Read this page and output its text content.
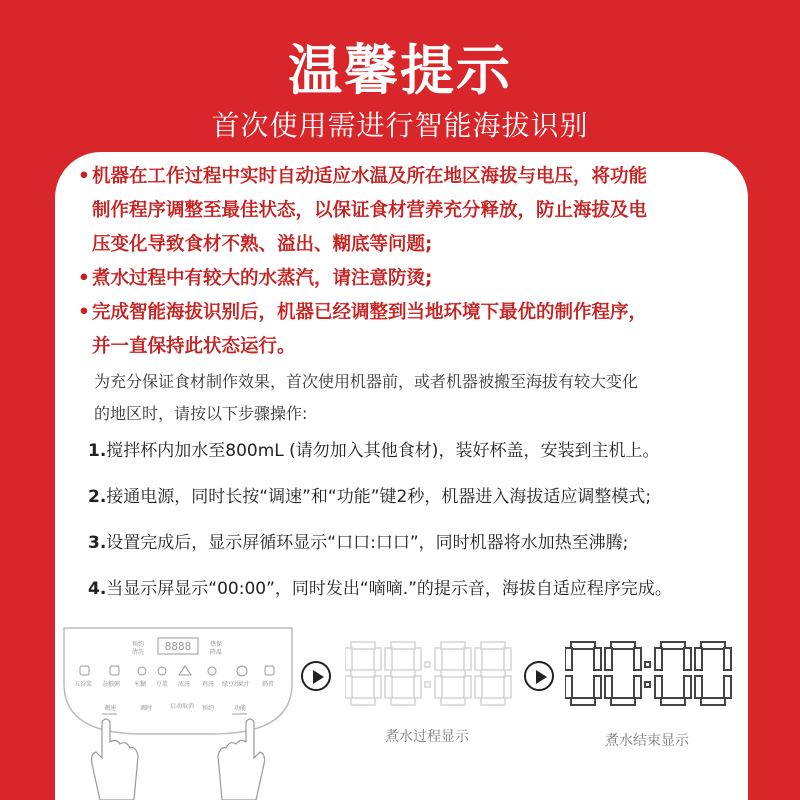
温馨提示
首次使用需进行智能海拔识别
• 机器在工作过程中实时自动适应水温及所在地区海拔与电压，将功能
制作程序调整至最佳状态，以保证食材营养充分释放，防止海拔及电
压变化导致食材不熟、溢出、糊底等问题;
• 煮水过程中有较大的水蒸汽，请注意防烫;
• 完成智能海拔识别后，机器已经调整到当地环境下最优的制作程序，
并一直保持此状态运行。
为充分保证食材制作效果，首次使用机器前，或者机器被搬至海拔有较大变化
的地区时，请按以下步骤操作:
1.搅拌杯内加水至800mL (请勿加入其他食材)，装好杯盖，安装到主机上。
2.接通电源，同时长按“调速”和“功能”键2秒，机器进入海拔适应调整模式;
3.设置完成后，显示屏循环显示“口口:口口”，同时机器将水加热至沸腾;
4.当显示屏显示“00:00”，同时发出“嘀嘀.”的提示音，海拔自适应程序完成。
预约
清洗 8888	热保
降温
五谷浆 杂粮粥 米糊 豆浆 浓汤 鸡汤 绿豆沙
果汁 奶昔
调速	调时	启动取消 预约	功能
煮水过程显示
00:00
煮水结束显示
